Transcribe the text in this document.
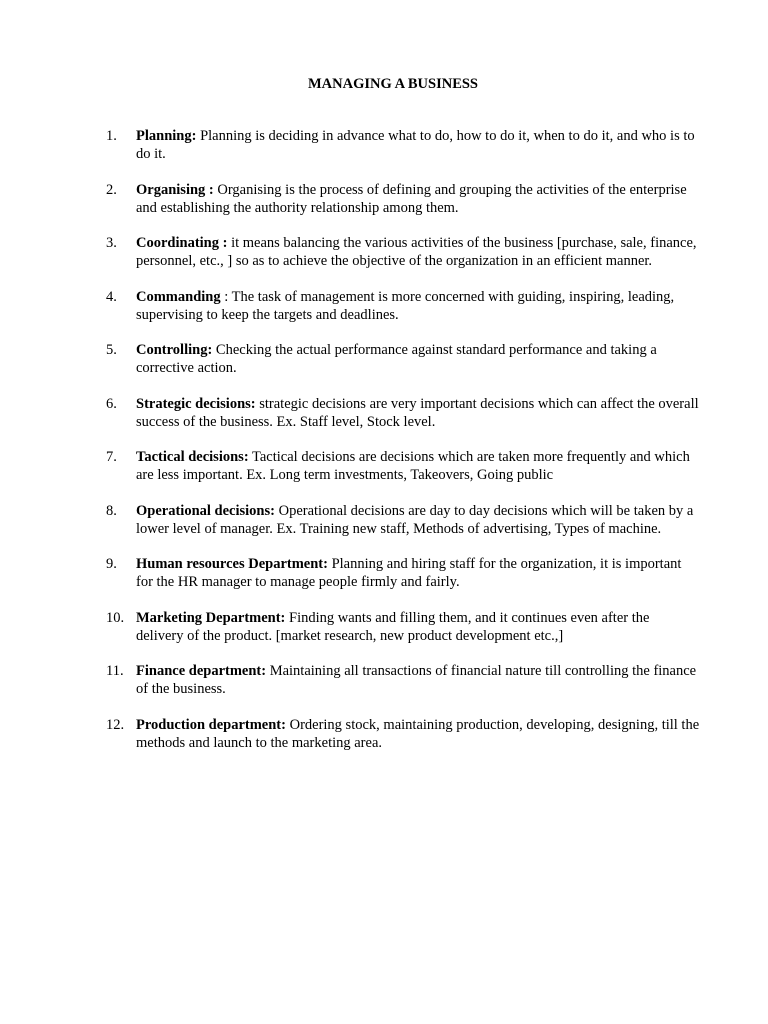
MANAGING A BUSINESS
1.	Planning: Planning is deciding in advance what to do, how to do it, when to do it, and who is to do it.
2.	Organising : Organising is the process of defining and grouping the activities of the enterprise and establishing the authority relationship among them.
3.	Coordinating : it means balancing the various activities of the business [purchase, sale, finance, personnel, etc., ] so as to achieve the objective of the organization in an efficient manner.
4.	Commanding : The task of management is more concerned with guiding, inspiring, leading, supervising to keep the targets and deadlines.
5.	Controlling: Checking the actual performance against standard performance and taking a corrective action.
6.	Strategic decisions: strategic decisions are very important decisions which can affect the overall success of the business. Ex. Staff level, Stock level.
7.	Tactical decisions: Tactical decisions are decisions which are taken more frequently and which are less important. Ex. Long term investments, Takeovers, Going public
8.	Operational decisions: Operational decisions are day to day decisions which will be taken by a lower level of manager. Ex. Training new staff, Methods of advertising, Types of machine.
9.	Human resources Department: Planning and hiring staff for the organization, it is important for the HR manager to manage people firmly and fairly.
10. Marketing Department: Finding wants and filling them, and it continues even after the delivery of the product. [market research, new product development etc.,]
11. Finance department: Maintaining all transactions of financial nature till controlling the finance of the business.
12. Production department: Ordering stock, maintaining production, developing, designing, till the methods and launch to the marketing area.
